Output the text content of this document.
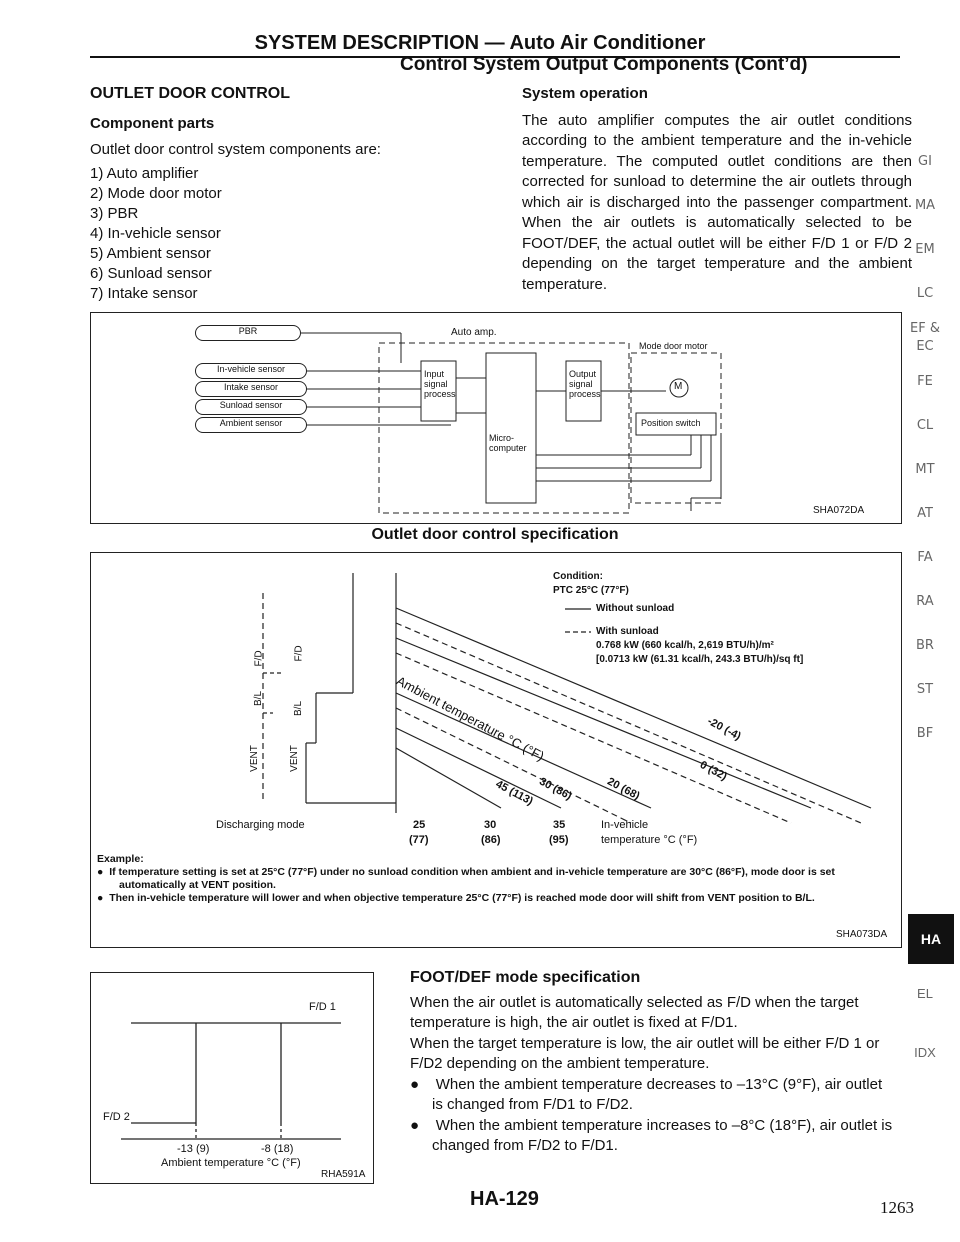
SYSTEM DESCRIPTION — Auto Air Conditioner
Control System Output Components (Cont’d)
OUTLET DOOR CONTROL
Component parts

Outlet door control system components are:

1) Auto amplifier
2) Mode door motor
3) PBR
4) In-vehicle sensor
5) Ambient sensor
6) Sunload sensor
7) Intake sensor
System operation

The auto amplifier computes the air outlet conditions according to the ambient temperature and the in-vehicle temperature. The computed outlet conditions are then corrected for sunload to determine the air outlets through which air is discharged into the passenger compartment. When the air outlets is automatically selected to be FOOT/DEF, the actual outlet will be either F/D 1 or F/D 2 depending on the target temperature and the ambient temperature.

PBR
In-vehicle sensor
Intake sensor
Sunload sensor
Ambient sensor
Auto amp.
Input signal process
Micro-computer
Output signal process
Mode door motor
M
Position switch
SHA072DA
Outlet door control specification
F/D	F/D
B/L
B/L
VENT	VENT
Discharging mode
Condition:
PTC 25°C (77°F)
Without sunload
With sunload
0.768 kW (660 kcal/h, 2,619 BTU/h)/m²
[0.0713 kW (61.31 kcal/h, 243.3 BTU/h)/sq ft]
Ambient temperature °C (°F)	-20 (-4)
0 (32)
20 (68)
30 (86)
45 (113)
25	30	35
(77)	(86)	(95)
In-vehicle
temperature °C (°F)
Example:
●  If temperature setting is set at 25°C (77°F) under no sunload condition when ambient and in-vehicle temperature are 30°C (86°F), mode door is set automatically at VENT position.
●  Then in-vehicle temperature will lower and when objective temperature 25°C (77°F) is reached mode door will shift from VENT position to B/L.
SHA073DA
F/D 1
F/D 2
-13 (9)	-8 (18)
Ambient temperature °C (°F)
RHA591A
FOOT/DEF mode specification

When the air outlet is automatically selected as F/D when the target temperature is high, the air outlet is fixed at F/D1.

When the target temperature is low, the air outlet will be either F/D 1 or F/D2 depending on the ambient temperature.

●    When the ambient temperature decreases to –13°C (9°F), air outlet is changed from F/D1 to F/D2.
●    When the ambient temperature increases to –8°C (18°F), air outlet is changed from F/D2 to F/D1.
GI
MA
EM
LC
EF & EC
FE
CL
MT
AT
FA
RA
BR
ST
BF
HA
EL
IDX
HA-129	1263
